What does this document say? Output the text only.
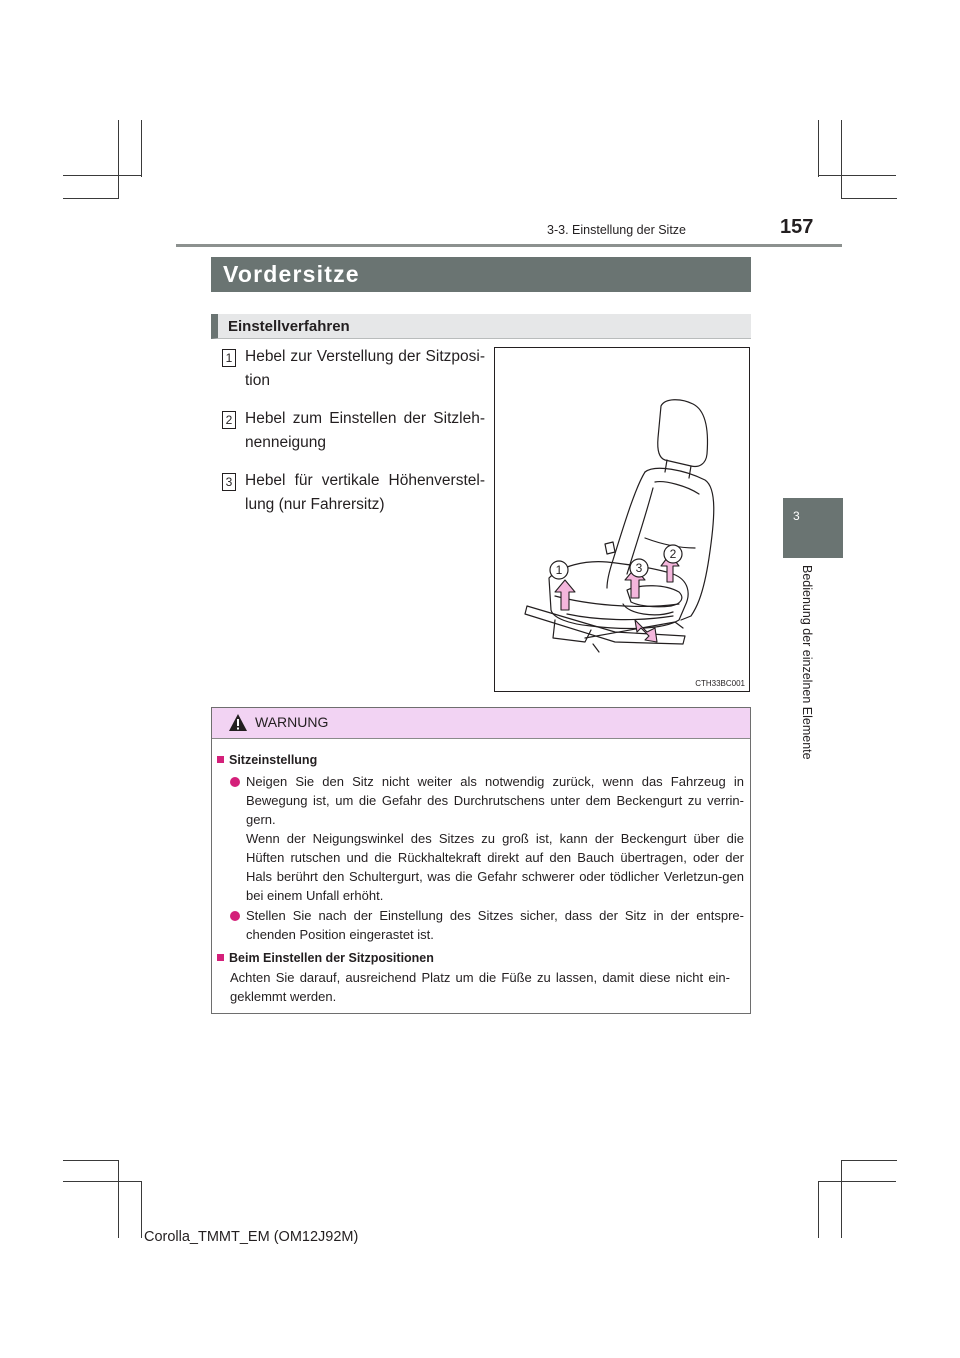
3-3. Einstellung der Sitze	157
3
Bedienung der einzelnen Elemente
Vordersitze
Einstellverfahren
1 Hebel zur Verstellung der Sitzposi-tion
2 Hebel zum Einstellen der Sitzleh-nenneigung
3 Hebel für vertikale Höhenverstel-lung (nur Fahrersitz)
1	3
2
CTH33BC001
WARNUNG
Sitzeinstellung
Neigen Sie den Sitz nicht weiter als notwendig zurück, wenn das Fahrzeug in Bewegung ist, um die Gefahr des Durchrutschens unter dem Beckengurt zu verrin-gern.
Wenn der Neigungswinkel des Sitzes zu groß ist, kann der Beckengurt über die Hüften rutschen und die Rückhaltekraft direkt auf den Bauch übertragen, oder der Hals berührt den Schultergurt, was die Gefahr schwerer oder tödlicher Verletzun-gen bei einem Unfall erhöht.
Stellen Sie nach der Einstellung des Sitzes sicher, dass der Sitz in der entspre-chenden Position eingerastet ist.
Beim Einstellen der Sitzpositionen
Achten Sie darauf, ausreichend Platz um die Füße zu lassen, damit diese nicht ein-geklemmt werden.
Corolla_TMMT_EM (OM12J92M)
